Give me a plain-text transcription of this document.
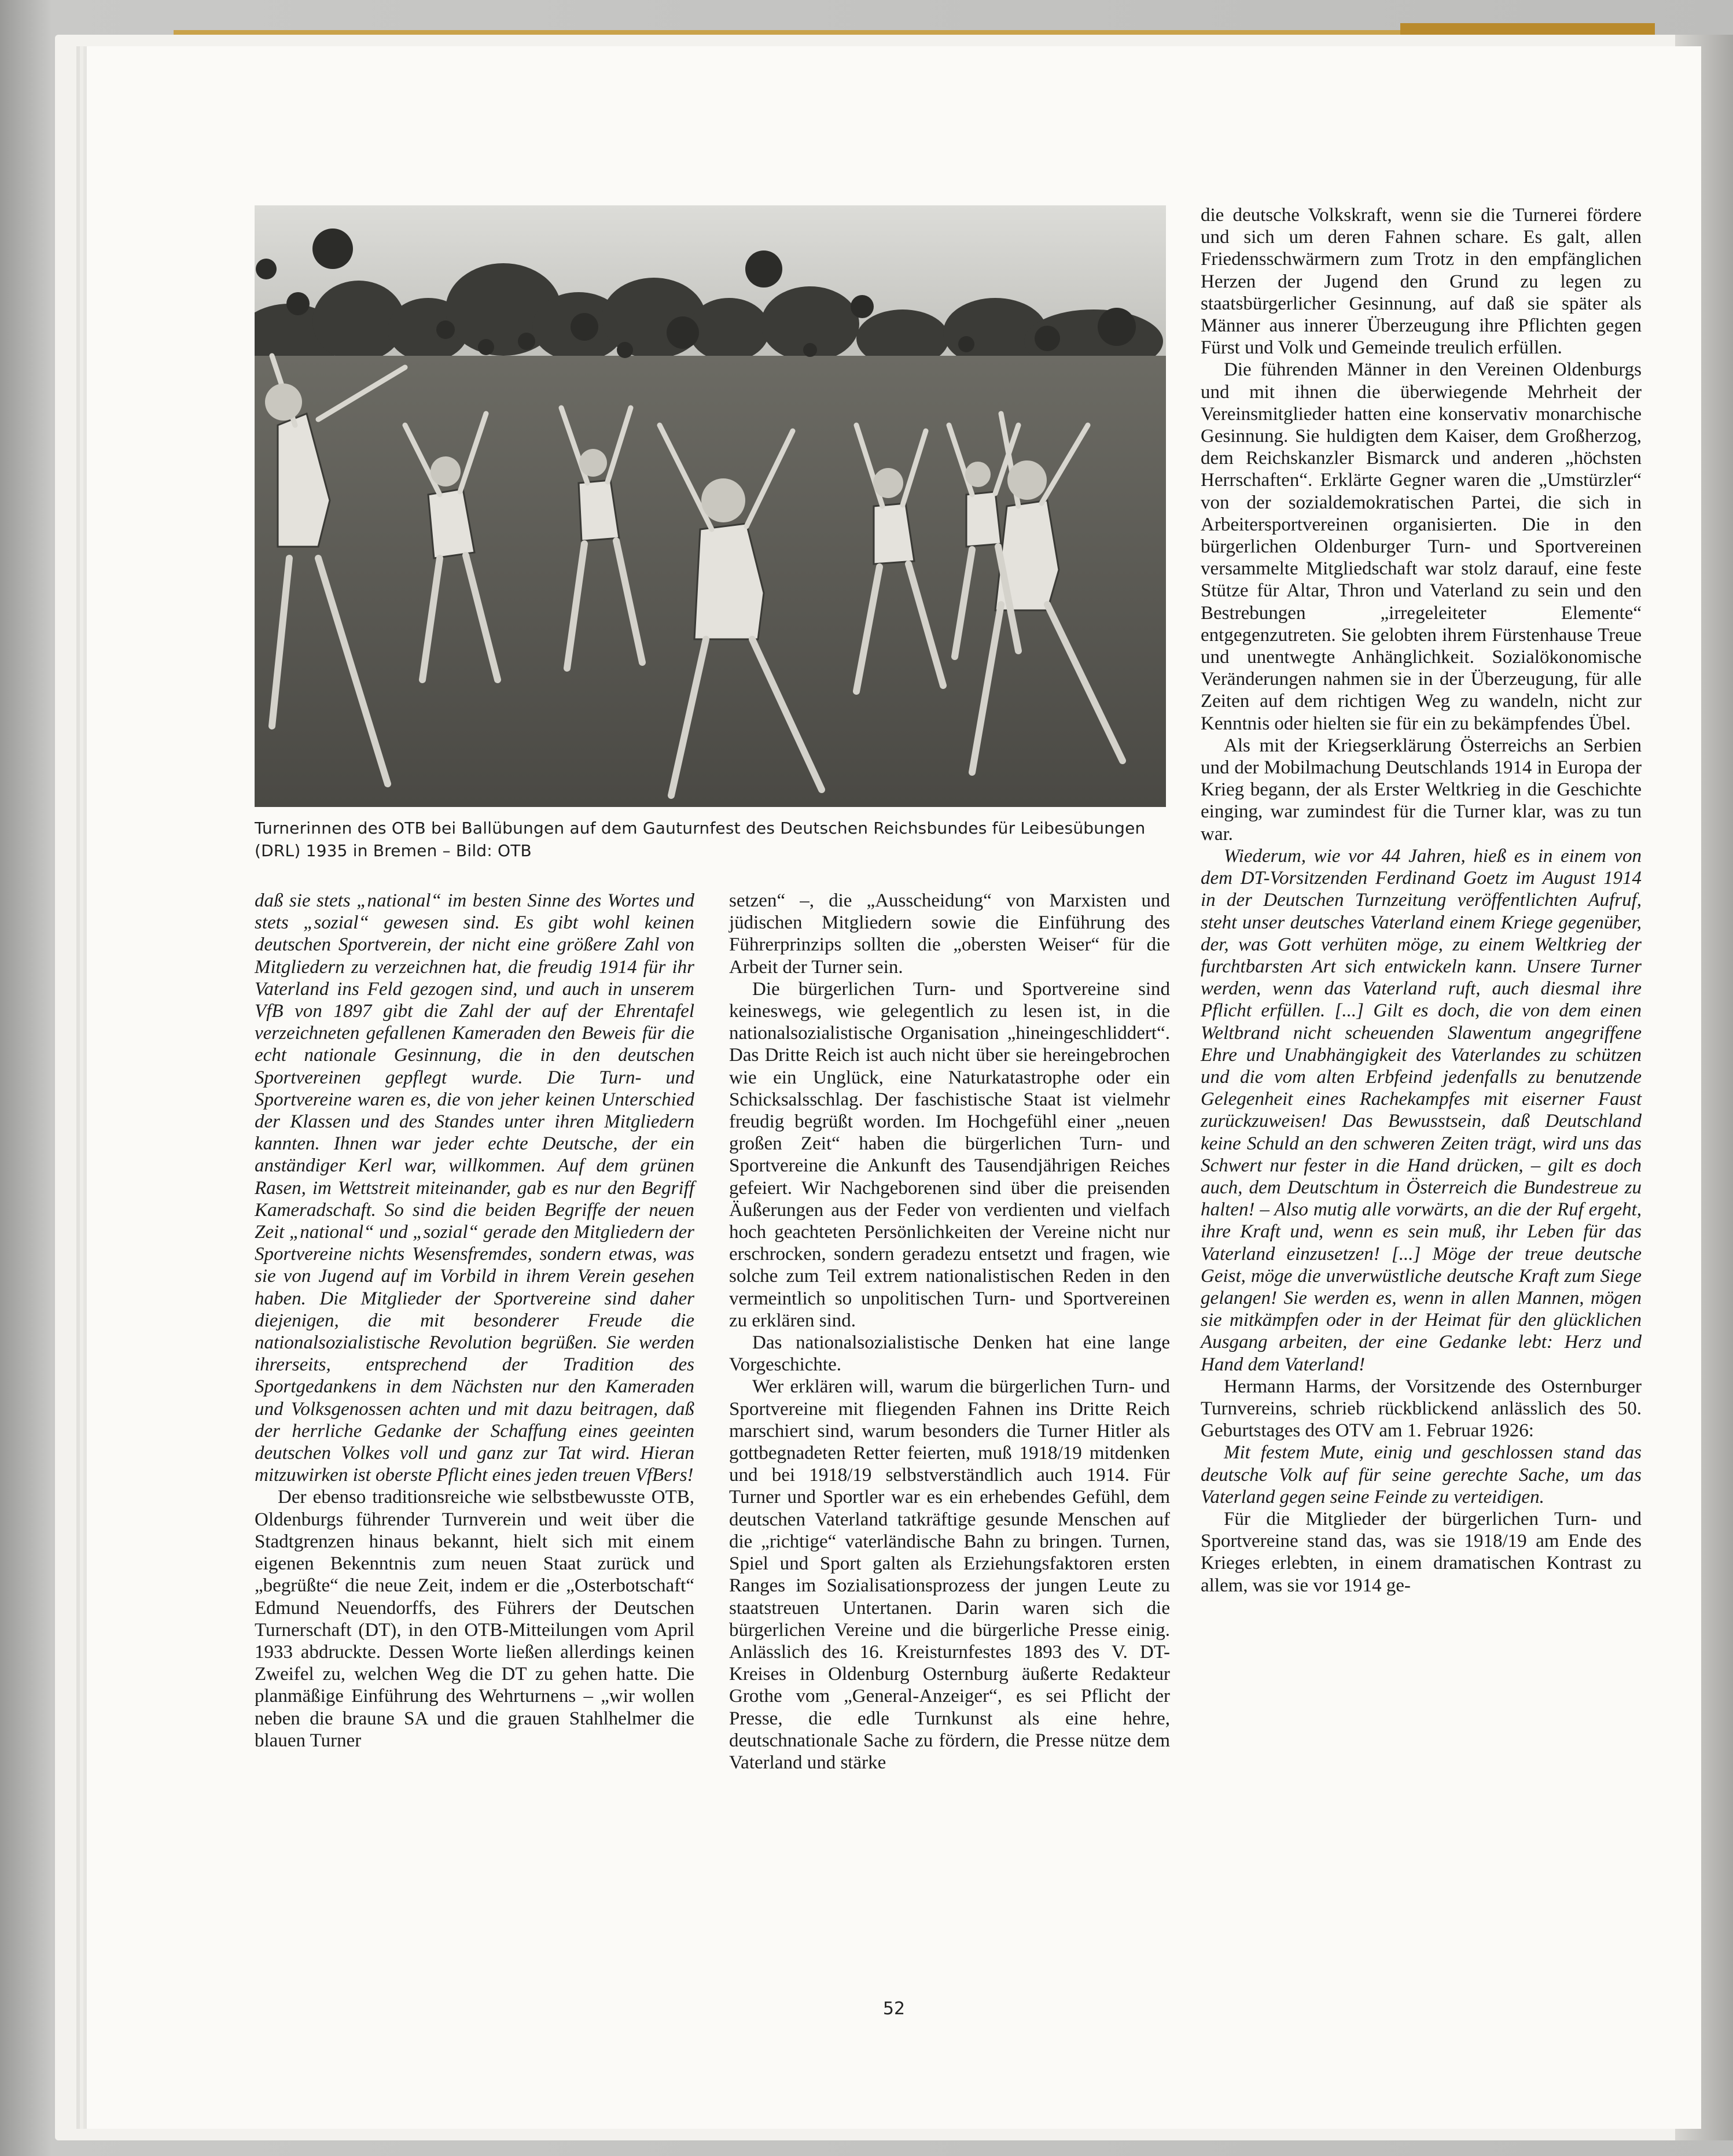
Turnerinnen des OTB bei Ballübungen auf dem Gauturnfest des Deutschen Reichsbundes für Leibesübungen (DRL) 1935 in Bremen – Bild: OTB

daß sie stets „national“ im besten Sinne des Wortes und stets „sozial“ gewesen sind. Es gibt wohl keinen deutschen Sportverein, der nicht eine größere Zahl von Mitgliedern zu verzeichnen hat, die freudig 1914 für ihr Vaterland ins Feld gezogen sind, und auch in unserem VfB von 1897 gibt die Zahl der auf der Ehrentafel verzeichneten gefallenen Kameraden den Beweis für die echt nationale Gesinnung, die in den deutschen Sportvereinen gepflegt wurde. Die Turn- und Sportvereine waren es, die von jeher keinen Unterschied der Klassen und des Standes unter ihren Mitgliedern kannten. Ihnen war jeder echte Deutsche, der ein anständiger Kerl war, willkommen. Auf dem grünen Rasen, im Wettstreit miteinander, gab es nur den Begriff Kameradschaft. So sind die beiden Begriffe der neuen Zeit „national“ und „sozial“ gerade den Mitgliedern der Sportvereine nichts Wesensfremdes, sondern etwas, was sie von Jugend auf im Vorbild in ihrem Verein gesehen haben. Die Mitglieder der Sportvereine sind daher diejenigen, die mit besonderer Freude die nationalsozialistische Revolution begrüßen. Sie werden ihrerseits, entsprechend der Tradition des Sportgedankens in dem Nächsten nur den Kameraden und Volksgenossen achten und mit dazu beitragen, daß der herrliche Gedanke der Schaffung eines geeinten deutschen Volkes voll und ganz zur Tat wird. Hieran mitzuwirken ist oberste Pflicht eines jeden treuen VfBers!

Der ebenso traditionsreiche wie selbstbewusste OTB, Oldenburgs führender Turnverein und weit über die Stadtgrenzen hinaus bekannt, hielt sich mit einem eigenen Bekenntnis zum neuen Staat zurück und „begrüßte“ die neue Zeit, indem er die „Osterbotschaft“ Edmund Neuendorffs, des Führers der Deutschen Turnerschaft (DT), in den OTB-Mitteilungen vom April 1933 abdruckte. Dessen Worte ließen allerdings keinen Zweifel zu, welchen Weg die DT zu gehen hatte. Die planmäßige Einführung des Wehrturnens – „wir wollen neben die braune SA und die grauen Stahlhelmer die blauen Turner

setzen“ –, die „Ausscheidung“ von Marxisten und jüdischen Mitgliedern sowie die Einführung des Führerprinzips sollten die „obersten Weiser“ für die Arbeit der Turner sein.

Die bürgerlichen Turn- und Sportvereine sind keineswegs, wie gelegentlich zu lesen ist, in die nationalsozialistische Organisation „hineingeschliddert“. Das Dritte Reich ist auch nicht über sie hereingebrochen wie ein Unglück, eine Naturkatastrophe oder ein Schicksalsschlag. Der faschistische Staat ist vielmehr freudig begrüßt worden. Im Hochgefühl einer „neuen großen Zeit“ haben die bürgerlichen Turn- und Sportvereine die Ankunft des Tausendjährigen Reiches gefeiert. Wir Nachgeborenen sind über die preisenden Äußerungen aus der Feder von verdienten und vielfach hoch geachteten Persönlichkeiten der Vereine nicht nur erschrocken, sondern geradezu entsetzt und fragen, wie solche zum Teil extrem nationalistischen Reden in den vermeintlich so unpolitischen Turn- und Sportvereinen zu erklären sind.

Das nationalsozialistische Denken hat eine lange Vorgeschichte.

Wer erklären will, warum die bürgerlichen Turn- und Sportvereine mit fliegenden Fahnen ins Dritte Reich marschiert sind, warum besonders die Turner Hitler als gottbegnadeten Retter feierten, muß 1918/19 mitdenken und bei 1918/19 selbstverständlich auch 1914. Für Turner und Sportler war es ein erhebendes Gefühl, dem deutschen Vaterland tatkräftige gesunde Menschen auf die „richtige“ vaterländische Bahn zu bringen. Turnen, Spiel und Sport galten als Erziehungsfaktoren ersten Ranges im Sozialisationsprozess der jungen Leute zu staatstreuen Untertanen. Darin waren sich die bürgerlichen Vereine und die bürgerliche Presse einig. Anlässlich des 16. Kreisturnfestes 1893 des V. DT-Kreises in Oldenburg Osternburg äußerte Redakteur Grothe vom „General-Anzeiger“, es sei Pflicht der Presse, die edle Turnkunst als eine hehre, deutschnationale Sache zu fördern, die Presse nütze dem Vaterland und stärke

die deutsche Volkskraft, wenn sie die Turnerei fördere und sich um deren Fahnen schare. Es galt, allen Friedensschwärmern zum Trotz in den empfänglichen Herzen der Jugend den Grund zu legen zu staatsbürgerlicher Gesinnung, auf daß sie später als Männer aus innerer Überzeugung ihre Pflichten gegen Fürst und Volk und Gemeinde treulich erfüllen.

Die führenden Männer in den Vereinen Oldenburgs und mit ihnen die überwiegende Mehrheit der Vereinsmitglieder hatten eine konservativ monarchische Gesinnung. Sie huldigten dem Kaiser, dem Großherzog, dem Reichskanzler Bismarck und anderen „höchsten Herrschaften“. Erklärte Gegner waren die „Umstürzler“ von der sozialdemokratischen Partei, die sich in Arbeitersportvereinen organisierten. Die in den bürgerlichen Oldenburger Turn- und Sportvereinen versammelte Mitgliedschaft war stolz darauf, eine feste Stütze für Altar, Thron und Vaterland zu sein und den Bestrebungen „irregeleiteter Elemente“ entgegenzutreten. Sie gelobten ihrem Fürstenhause Treue und unentwegte Anhänglichkeit. Sozialökonomische Veränderungen nahmen sie in der Überzeugung, für alle Zeiten auf dem richtigen Weg zu wandeln, nicht zur Kenntnis oder hielten sie für ein zu bekämpfendes Übel.

Als mit der Kriegserklärung Österreichs an Serbien und der Mobilmachung Deutschlands 1914 in Europa der Krieg begann, der als Erster Weltkrieg in die Geschichte einging, war zumindest für die Turner klar, was zu tun war.

Wiederum, wie vor 44 Jahren, hieß es in einem von dem DT-Vorsitzenden Ferdinand Goetz im August 1914 in der Deutschen Turnzeitung veröffentlichten Aufruf, steht unser deutsches Vaterland einem Kriege gegenüber, der, was Gott verhüten möge, zu einem Weltkrieg der furchtbarsten Art sich entwickeln kann. Unsere Turner werden, wenn das Vaterland ruft, auch diesmal ihre Pflicht erfüllen. [...] Gilt es doch, die von dem einen Weltbrand nicht scheuenden Slawentum angegriffene Ehre und Unabhängigkeit des Vaterlandes zu schützen und die vom alten Erbfeind jedenfalls zu benutzende Gelegenheit eines Rachekampfes mit eiserner Faust zurückzuweisen! Das Bewusstsein, daß Deutschland keine Schuld an den schweren Zeiten trägt, wird uns das Schwert nur fester in die Hand drücken, – gilt es doch auch, dem Deutschtum in Österreich die Bundestreue zu halten! – Also mutig alle vorwärts, an die der Ruf ergeht, ihre Kraft und, wenn es sein muß, ihr Leben für das Vaterland einzusetzen! [...] Möge der treue deutsche Geist, möge die unverwüstliche deutsche Kraft zum Siege gelangen! Sie werden es, wenn in allen Mannen, mögen sie mitkämpfen oder in der Heimat für den glücklichen Ausgang arbeiten, der eine Gedanke lebt: Herz und Hand dem Vaterland!

Hermann Harms, der Vorsitzende des Osternburger Turnvereins, schrieb rückblickend anlässlich des 50. Geburtstages des OTV am 1. Februar 1926:

Mit festem Mute, einig und geschlossen stand das deutsche Volk auf für seine gerechte Sache, um das Vaterland gegen seine Feinde zu verteidigen.

Für die Mitglieder der bürgerlichen Turn- und Sportvereine stand das, was sie 1918/19 am Ende des Krieges erlebten, in einem dramatischen Kontrast zu allem, was sie vor 1914 ge-

52
